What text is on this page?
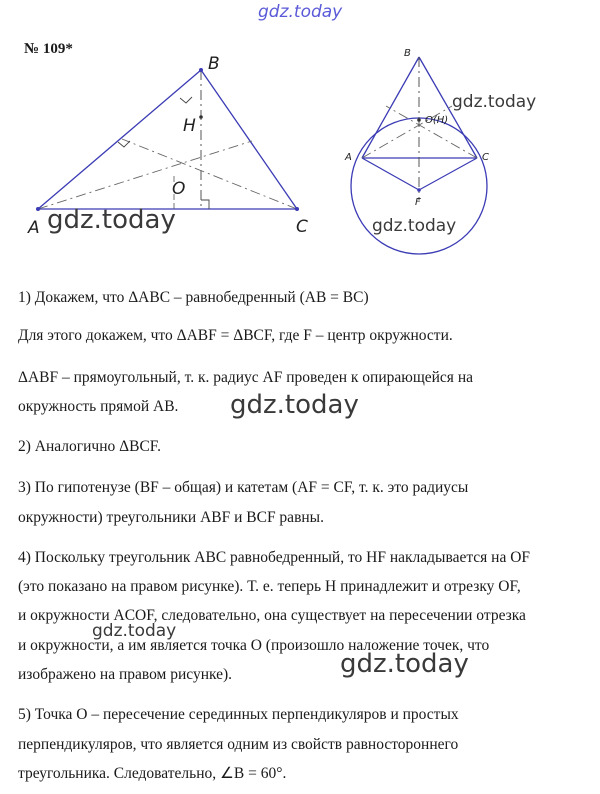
gdz.today
№ 109*
B
H
O
A	C
B
O(H)
A	C
F
gdz.today
gdz.today
gdz.today
1) Докажем, что ΔABC – равнобедренный (AB = BC)
Для этого докажем, что ΔABF = ΔBCF, где F – центр окружности.
ΔABF – прямоугольный, т. к. радиус AF проведен к опирающейся на
окружность прямой AB.
2) Аналогично ΔBCF.
3) По гипотенузе (BF – общая) и катетам (AF = CF, т. к. это радиусы
окружности) треугольники ABF и BCF равны.
4) Поскольку треугольник ABC равнобедренный, то HF накладывается на OF
(это показано на правом рисунке). Т. е. теперь H принадлежит и отрезку OF,
и окружности ACOF, следовательно, она существует на пересечении отрезка
и окружности, а им является точка O (произошло наложение точек, что
изображено на правом рисунке).
5) Точка O – пересечение серединных перпендикуляров и простых
перпендикуляров, что является одним из свойств равностороннего
треугольника. Следовательно, ∠B = 60°.
gdz.today
gdz.today
gdz.today
